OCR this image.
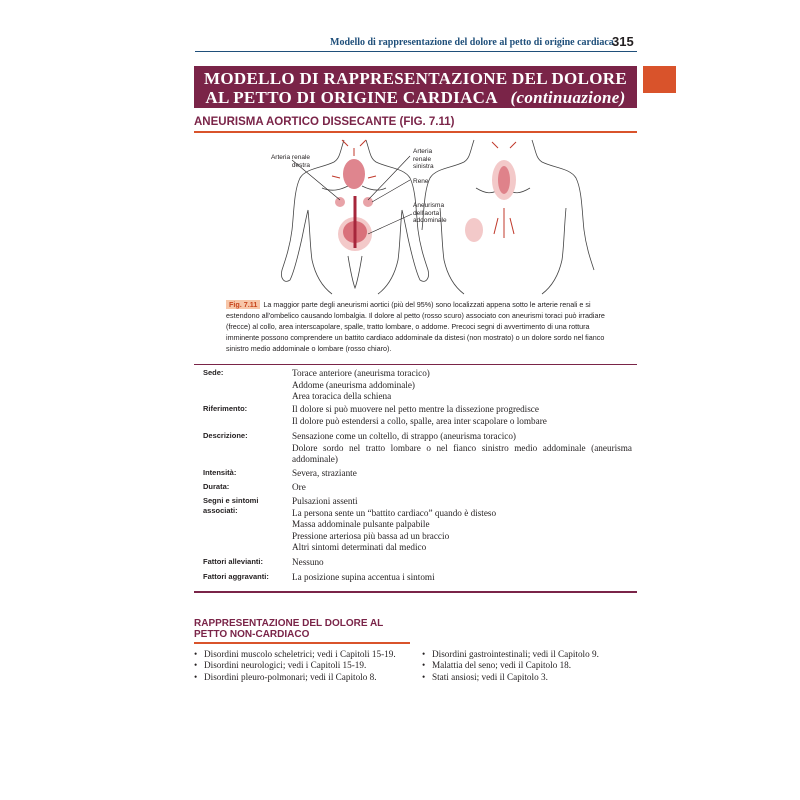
Modello di rappresentazione del dolore al petto di origine cardiaca
315
MODELLO DI RAPPRESENTAZIONE DEL DOLORE
AL PETTO DI ORIGINE CARDIACA (continuazione)
ANEURISMA AORTICO DISSECANTE (FIG. 7.11)
Arteria renale destra
Arteria renale sinistra
Rene
Aneurisma dell'aorta addominale
Fig. 7.11 La maggior parte degli aneurismi aortici (più del 95%) sono localizzati appena sotto le arterie renali e si estendono all'ombelico causando lombalgia. Il dolore al petto (rosso scuro) associato con aneurismi toraci può irradiare (frecce) al collo, area interscapolare, spalle, tratto lombare, o addome. Precoci segni di avvertimento di una rottura imminente possono comprendere un battito cardiaco addominale da distesi (non mostrato) o un dolore sordo nel fianco sinistro medio addominale o lombare (rosso chiaro).
Sede:	Torace anteriore (aneurisma toracico)
Addome (aneurisma addominale)
Area toracica della schiena
Riferimento:	Il dolore si può muovere nel petto mentre la dissezione progredisce
Il dolore può estendersi a collo, spalle, area inter scapolare o lombare
Descrizione:	Sensazione come un coltello, di strappo (aneurisma toracico)
Dolore sordo nel tratto lombare o nel fianco sinistro medio addominale (aneurisma addominale)
Intensità:	Severa, straziante
Durata:	Ore
Segni e sintomi associati:
Pulsazioni assenti
La persona sente un “battito cardiaco” quando è disteso
Massa addominale pulsante palpabile
Pressione arteriosa più bassa ad un braccio
Altri sintomi determinati dal medico
Fattori allevianti:	Nessuno
Fattori aggravanti:	La posizione supina accentua i sintomi
RAPPRESENTAZIONE DEL DOLORE AL PETTO NON-CARDIACO
• Disordini muscolo scheletrici; vedi i Capitoli 15-19.
• Disordini neurologici; vedi i Capitoli 15-19.
• Disordini pleuro-polmonari; vedi il Capitolo 8.
• Disordini gastrointestinali; vedi il Capitolo 9.
• Malattia del seno; vedi il Capitolo 18.
• Stati ansiosi; vedi il Capitolo 3.
